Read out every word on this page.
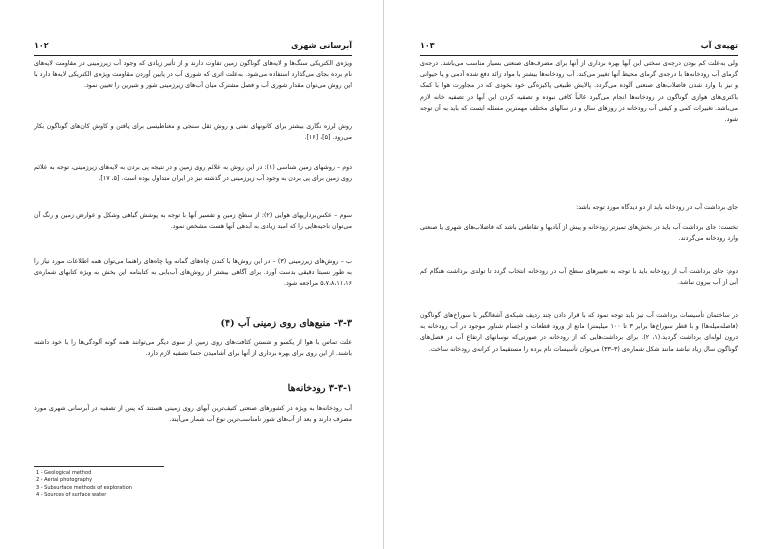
۱۰۲	آبرسانی شهری
ویژه‌ی الکتریکی سنگ‌ها و لایه‌های گوناگون زمین تفاوت دارند و از تأثیر زیادی که وجود آب زیرزمینی در مقاومت لایه‌های نام برده بجای می‌گذارد استفاده می‌شود. به‌علت اثری که شوری آب در پایین آوردن مقاومت ویژه‌ی الکتریکی لایه‌ها دارد با این روش می‌توان مقدار شوری آب و فصل مشترک میان آب‌های زیرزمینی شور و شیرین را تعیین نمود.
روش لرزه نگاری بیشتر برای کانونهای نفتی و روش ثقل سنجی و مغناطیسی برای یافتن و کاوش کان‌های گوناگون بکار می‌رود. [۵]، [۱۶].
دوم – روشهای زمین شناسی (۱): در این روش به علائم روی زمین و در نتیجه پی بردن به لایه‌های زیرزمینی، توجه به علائم روی زمین برای پی بردن به وجود آب زیرزمینی در گذشته نیز در ایران متداول بوده است. [۵، ۱۷].
سوم – عکس‌برداریهای هوایی (۲): از سطح زمین و تفسیر آنها با توجه به پوشش گیاهی وشکل و عوارض زمین و رنگ آن می‌توان ناحیه‌هایی را که امید زیادی به آبدهی آنها هست مشخص نمود.
ب – روش‌های زیرزمینی (۳) – در این روش‌ها با کندن چاه‌های گمانه ویا چاه‌های راهنما می‌توان همه اطلاعات مورد نیاز را به طور نسبتا دقیقی بدست آورد. برای آگاهی بیشتر از روش‌های آب‌یابی به کتابنامه این بخش به ویژه کتابهای شماره‌ی ۵،۷،۸،۱۱،۱۶ مراجعه شود.
۳-۳- منبع‌های روی زمینی آب (۴)
علت تماس با هوا از یکسو و شستن کثافت‌های روی زمین از سوی دیگر می‌توانند همه گونه آلودگی‌ها را با خود داشته باشند. از این روی برای بهره برداری از آنها برای آشامیدن حتما تصفیه لازم دارد.
۳-۳-۱ رودخانه‌ها
آب رودخانه‌ها به ویژه در کشورهای صنعتی کثیف‌ترین آبهای روی زمینی هستند که پس از تصفیه در آبرسانی شهری مورد مصرف دارند و بعد از آب‌های شور نامناسب‌ترین نوع آب شمار می‌آیند.
1 - Geological method
2 - Aerial photography
3 - Subsurface methods of exploration
4 - Sources of surface water
۱۰۳	تهیه‌ی آب
ولی به‌علت کم بودن درجه‌ی سختی این آبها بهره برداری از آنها برای مصرف‌های صنعتی بسیار مناسب می‌باشد. درجه‌ی گرمای آب رودخانه‌ها با درجه‌ی گرمای محیط آنها تغییر می‌کند. آب رودخانه‌ها بیشتر با مواد زائد دفع شده آدمی و یا حیوانی و نیز با وارد شدن فاضلاب‌های صنعتی آلوده می‌گردد. پالایش طبیعی پاکیزه‌گی خود بخودی که در مجاورت هوا با کمک باکتری‌های هوازی گوناگون در رودخانه‌ها انجام می‌گیرد غالباً کافی نبوده و تصفیه کردن این آبها در تصفیه خانه لازم می‌باشد. تغییرات کمی و کیفی آب رودخانه در روزهای سال و در سالهای مختلف مهمترین مسئله ایست که باید به آن توجه شود.
جای برداشت آب در رودخانه باید از دو دیدگاه مورد توجه باشد:
نخست: جای برداشت آب باید در بخش‌های تمیزتر رودخانه و پیش از آبادیها و تقاطعی باشد که فاضلاب‌های شهری یا صنعتی وارد رودخانه می‌گردند.
دوم: جای برداشت آب از رودخانه باید با توجه به تغییرهای سطح آب در رودخانه انتخاب گردد تا تولدی برداشت هنگام کم آبی از آب بیرون نباشد.
در ساختمان تأسیسات برداشت آب نیز باید توجه نمود که با قرار دادن چند ردیف شبکه‌ی آشغالگیر با سوراخ‌های گوناگون (فاصله‌میله‌ها) و با قطر سوراخ‌ها برابر ۳ تا ۱۰۰ میلیمتر) مانع از ورود قطعات و اجسام شناور موجود در آب رودخانه به درون لوله‌ای برداشت گردید.(۱، ۲). برای برداشت‌هایی که از رودخانه در صورتی‌که نوسانهای ارتفاع آب در فصل‌های گوناگون سال زیاد نباشد مانند شکل شماره‌ی (۳–۳۳) می‌توان تأسیسات نام برده را مستقیما در کرانه‌ی رودخانه ساخت.
